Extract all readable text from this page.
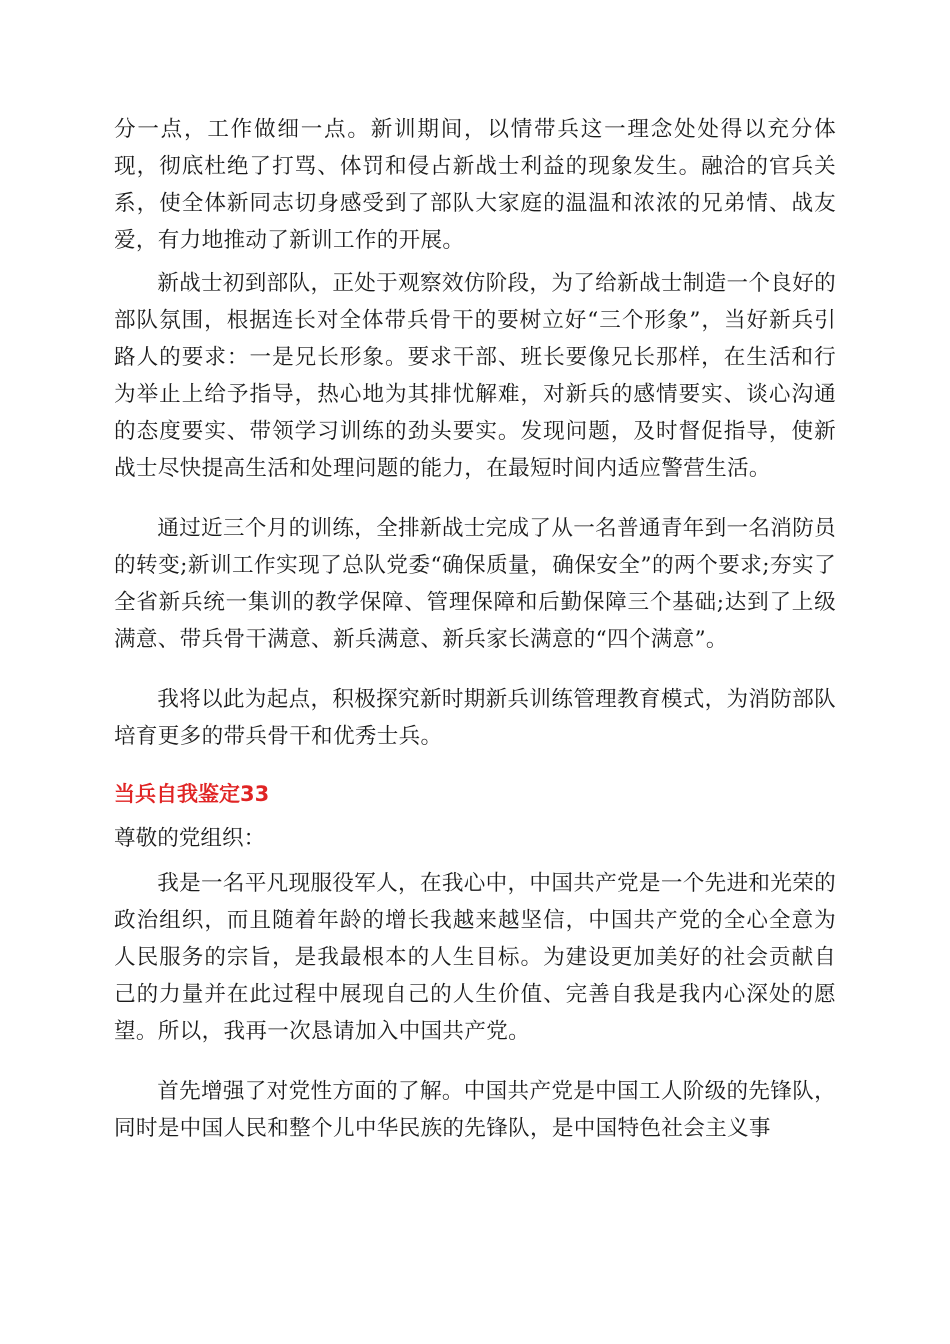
分一点，工作做细一点。新训期间，以情带兵这一理念处处得以充分体现，彻底杜绝了打骂、体罚和侵占新战士利益的现象发生。融洽的官兵关系，使全体新同志切身感受到了部队大家庭的温温和浓浓的兄弟情、战友爱，有力地推动了新训工作的开展。

新战士初到部队，正处于观察效仿阶段，为了给新战士制造一个良好的部队氛围，根据连长对全体带兵骨干的要树立好“三个形象”，当好新兵引路人的要求：一是兄长形象。要求干部、班长要像兄长那样，在生活和行为举止上给予指导，热心地为其排忧解难，对新兵的感情要实、谈心沟通的态度要实、带领学习训练的劲头要实。发现问题，及时督促指导，使新战士尽快提高生活和处理问题的能力，在最短时间内适应警营生活。

通过近三个月的训练，全排新战士完成了从一名普通青年到一名消防员的转变;新训工作实现了总队党委“确保质量，确保安全”的两个要求;夯实了全省新兵统一集训的教学保障、管理保障和后勤保障三个基础;达到了上级满意、带兵骨干满意、新兵满意、新兵家长满意的“四个满意”。

我将以此为起点，积极探究新时期新兵训练管理教育模式，为消防部队培育更多的带兵骨干和优秀士兵。

当兵自我鉴定33

尊敬的党组织：

我是一名平凡现服役军人，在我心中，中国共产党是一个先进和光荣的政治组织，而且随着年龄的增长我越来越坚信，中国共产党的全心全意为人民服务的宗旨，是我最根本的人生目标。为建设更加美好的社会贡献自己的力量并在此过程中展现自己的人生价值、完善自我是我内心深处的愿望。所以，我再一次恳请加入中国共产党。

首先增强了对党性方面的了解。中国共产党是中国工人阶级的先锋队，同时是中国人民和整个儿中华民族的先锋队，是中国特色社会主义事
